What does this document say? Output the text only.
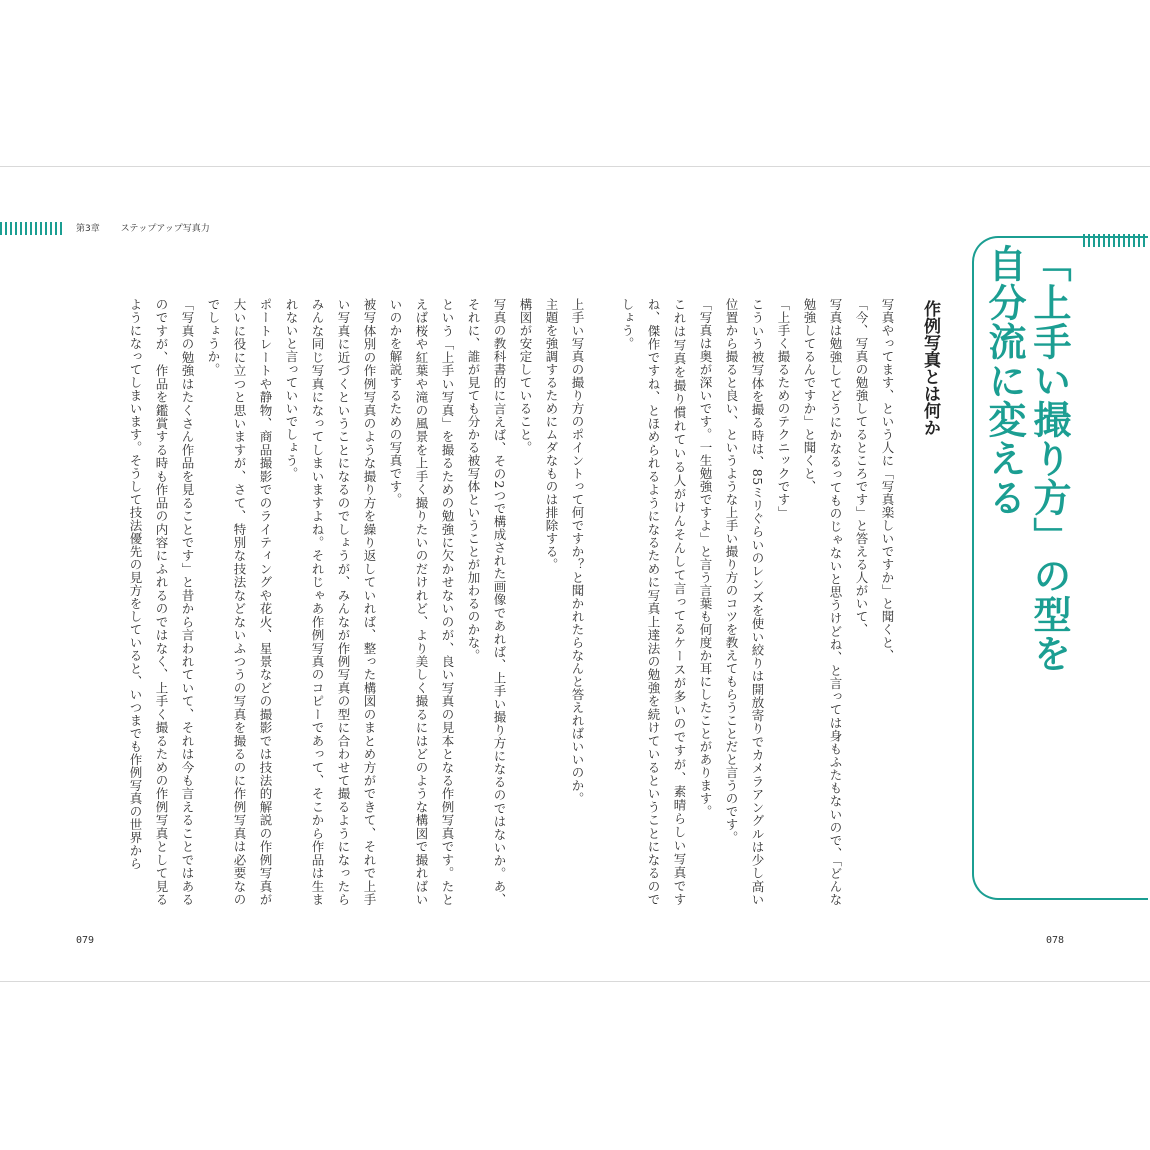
第3章 ステップアップ写真力
「上手い撮り方」の型を
自分流に変える
作例写真とは何か

写真やってます、という人に「写真楽しいですか」と聞くと、

「今、写真の勉強してるところです」と答える人がいて、

写真は勉強してどうにかなるってものじゃないと思うけどね、と言っては身もふたもないので、「どんな勉強してるんですか」と聞くと、

「上手く撮るためのテクニックです」

こういう被写体を撮る時は、85ミリぐらいのレンズを使い絞りは開放寄りでカメラアングルは少し高い位置から撮ると良い、というような上手い撮り方のコツを教えてもらうことだと言うのです。

「写真は奥が深いです。一生勉強ですよ」と言う言葉も何度か耳にしたことがあります。

これは写真を撮り慣れている人がけんそんして言ってるケースが多いのですが、素晴らしい写真ですね、傑作ですね、とほめられるようになるために写真上達法の勉強を続けているということになるのでしょう。

上手い写真の撮り方のポイントって何ですか？と聞かれたらなんと答えればいいのか。

主題を強調するためにムダなものは排除する。

構図が安定していること。

写真の教科書的に言えば、その2つで構成された画像であれば、上手い撮り方になるのではないか。あ、それに、誰が見ても分かる被写体ということが加わるのかな。

という「上手い写真」を撮るための勉強に欠かせないのが、良い写真の見本となる作例写真です。たとえば桜や紅葉や滝の風景を上手く撮りたいのだけれど、より美しく撮るにはどのような構図で撮ればいいのかを解説するための写真です。

被写体別の作例写真のような撮り方を繰り返していれば、整った構図のまとめ方ができて、それで上手い写真に近づくということになるのでしょうが、みんなが作例写真の型に合わせて撮るようになったらみんな同じ写真になってしまいますよね。それじゃあ作例写真のコピーであって、そこから作品は生まれないと言っていいでしょう。

ポートレートや静物、商品撮影でのライティングや花火、星景などの撮影では技法的解説の作例写真が大いに役に立つと思いますが、さて、特別な技法などないふつうの写真を撮るのに作例写真は必要なのでしょうか。

「写真の勉強はたくさん作品を見ることです」と昔から言われていて、それは今も言えることではあるのですが、作品を鑑賞する時も作品の内容にふれるのではなく、上手く撮るための作例写真として見るようになってしまいます。そうして技法優先の見方をしていると、いつまでも作例写真の世界から

079	078
